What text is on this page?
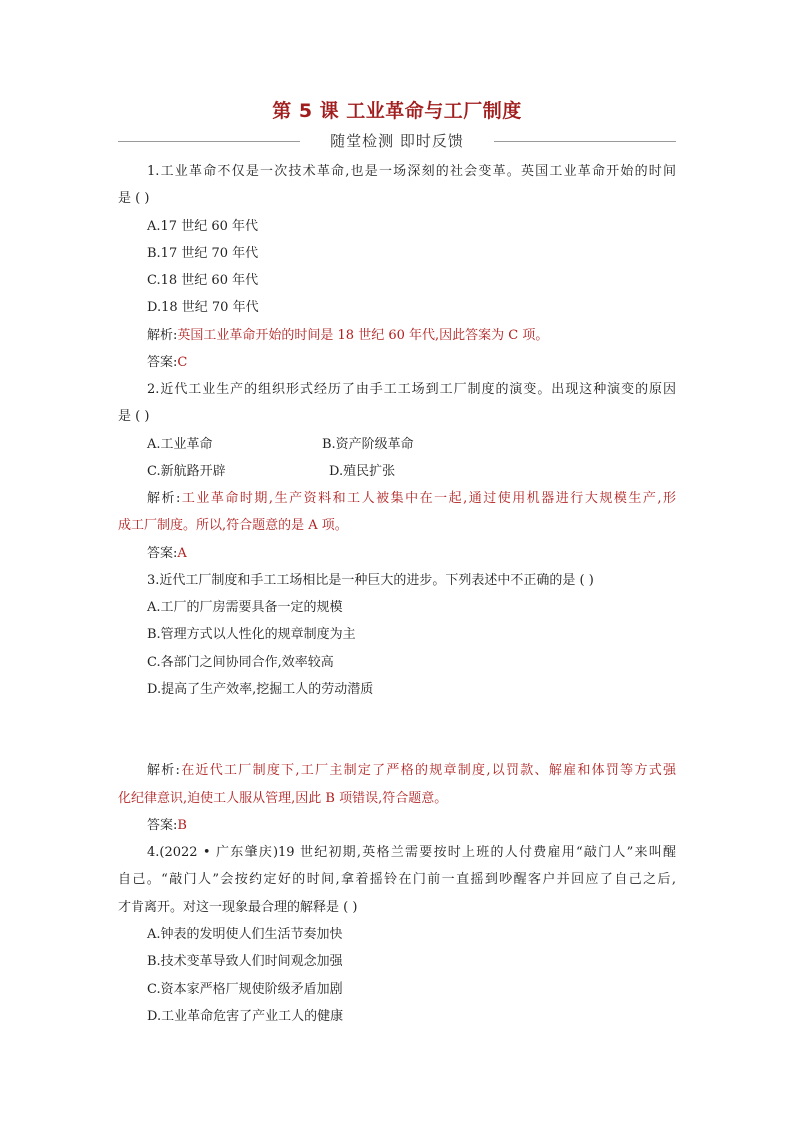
第 5 课 工业革命与工厂制度
随堂检测 即时反馈
1.工业革命不仅是一次技术革命,也是一场深刻的社会变革。英国工业革命开始的时间
是 ( )
A.17 世纪 60 年代
B.17 世纪 70 年代
C.18 世纪 60 年代
D.18 世纪 70 年代
解析:英国工业革命开始的时间是 18 世纪 60 年代,因此答案为 C 项。
答案:C
2.近代工业生产的组织形式经历了由手工工场到工厂制度的演变。出现这种演变的原因
是 ( )
A.工业革命	B.资产阶级革命
C.新航路开辟	D.殖民扩张
解析:工业革命时期,生产资料和工人被集中在一起,通过使用机器进行大规模生产,形
成工厂制度。所以,符合题意的是 A 项。
答案:A
3.近代工厂制度和手工工场相比是一种巨大的进步。下列表述中不正确的是 ( )
A.工厂的厂房需要具备一定的规模
B.管理方式以人性化的规章制度为主
C.各部门之间协同合作,效率较高
D.提高了生产效率,挖掘工人的劳动潜质
解析:在近代工厂制度下,工厂主制定了严格的规章制度,以罚款、解雇和体罚等方式强
化纪律意识,迫使工人服从管理,因此 B 项错误,符合题意。
答案:B
4.(2022 • 广东肇庆)19 世纪初期,英格兰需要按时上班的人付费雇用“敲门人”来叫醒
自己。“敲门人”会按约定好的时间,拿着摇铃在门前一直摇到吵醒客户并回应了自己之后,
才肯离开。对这一现象最合理的解释是 ( )
A.钟表的发明使人们生活节奏加快
B.技术变革导致人们时间观念加强
C.资本家严格厂规使阶级矛盾加剧
D.工业革命危害了产业工人的健康
